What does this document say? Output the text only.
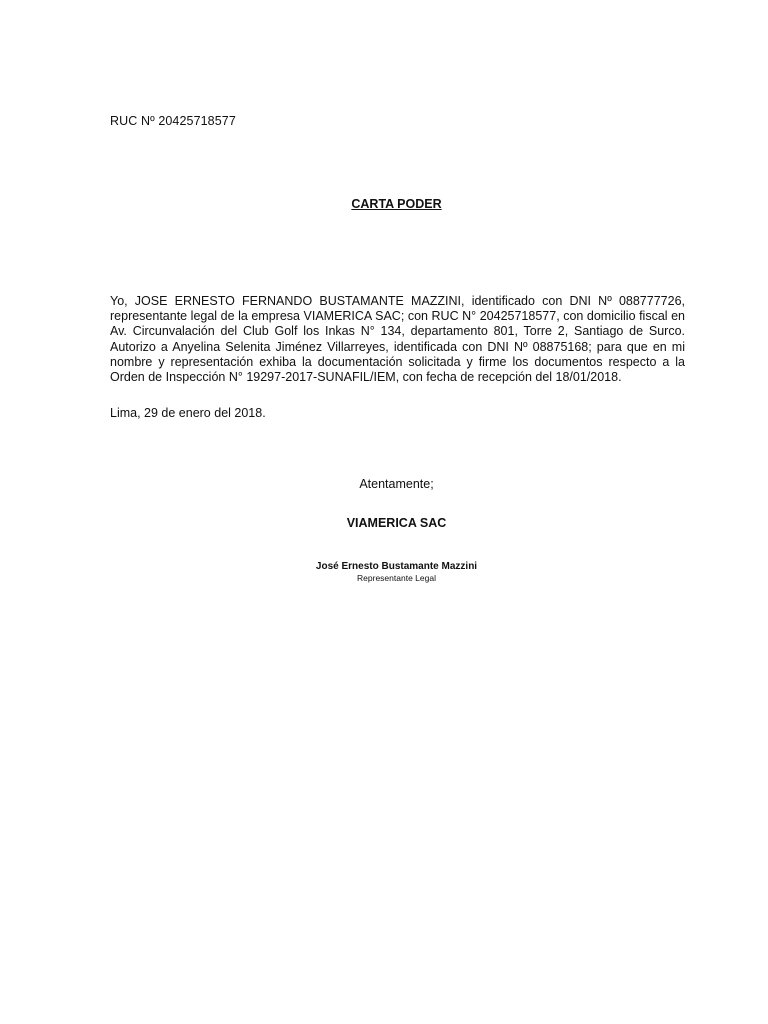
RUC Nº 20425718577
CARTA PODER
Yo, JOSE ERNESTO FERNANDO BUSTAMANTE MAZZINI, identificado con DNI Nº 088777726, representante legal de la empresa VIAMERICA SAC; con RUC N° 20425718577, con domicilio fiscal en Av. Circunvalación del Club Golf los Inkas N° 134, departamento 801, Torre 2, Santiago de Surco. Autorizo a Anyelina Selenita Jiménez Villarreyes, identificada con DNI Nº 08875168; para que en mi nombre y representación exhiba la documentación solicitada y firme los documentos respecto a la Orden de Inspección N° 19297-2017-SUNAFIL/IEM, con fecha de recepción del 18/01/2018.
Lima, 29 de enero del 2018.
Atentamente;
VIAMERICA SAC
José Ernesto Bustamante Mazzini
Representante Legal
